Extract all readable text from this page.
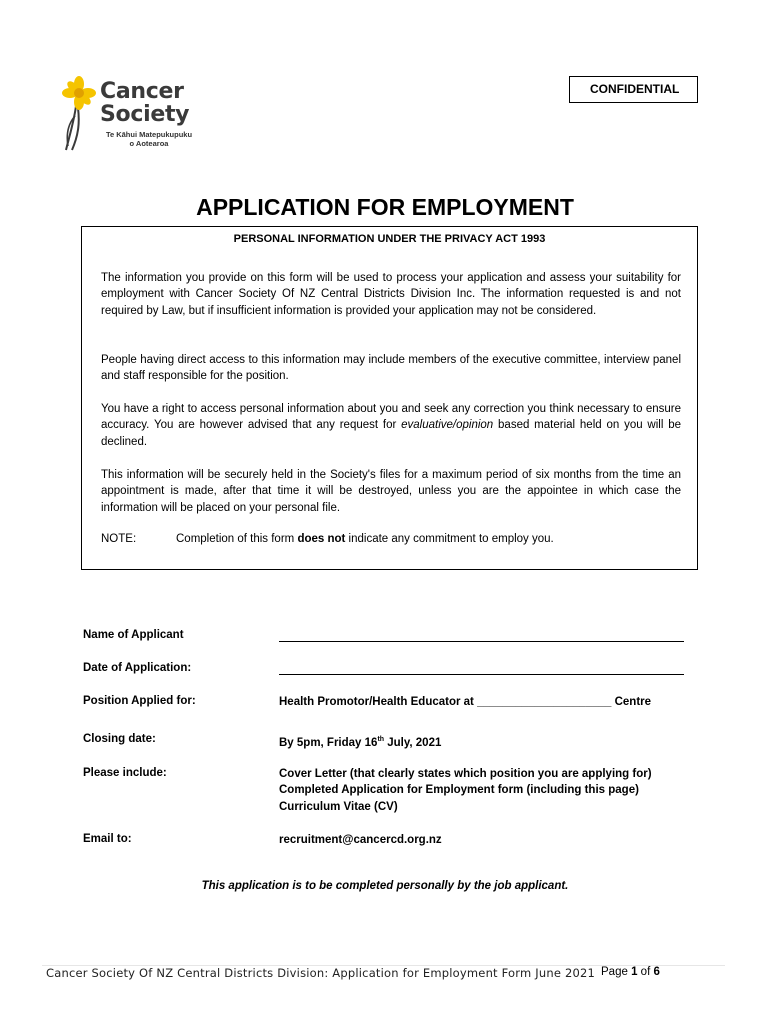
Cancer
Society
Te Kāhui Matepukupuku
o Aotearoa
CONFIDENTIAL
APPLICATION FOR EMPLOYMENT
PERSONAL INFORMATION UNDER THE PRIVACY ACT 1993
The information you provide on this form will be used to process your application and assess your suitability for employment with Cancer Society Of NZ Central Districts Division Inc. The information requested is and not required by Law, but if insufficient information is provided your application may not be considered.
People having direct access to this information may include members of the executive committee, interview panel and staff responsible for the position.
You have a right to access personal information about you and seek any correction you think necessary to ensure accuracy. You are however advised that any request for evaluative/opinion based material held on you will be declined.
This information will be securely held in the Society's files for a maximum period of six months from the time an appointment is made, after that time it will be destroyed, unless you are the appointee in which case the information will be placed on your personal file.
NOTE:	Completion of this form does not indicate any commitment to employ you.
Name of Applicant
Date of Application:
Position Applied for:	Health Promotor/Health Educator at _____________________ Centre
Closing date:	By 5pm, Friday 16th July, 2021
Please include:	Cover Letter (that clearly states which position you are applying for)
Completed Application for Employment form (including this page)
Curriculum Vitae (CV)
Email to:	recruitment@cancercd.org.nz
This application is to be completed personally by the job applicant.
Cancer Society Of NZ Central Districts Division: Application for Employment Form June 2021 Page 1 of 6
